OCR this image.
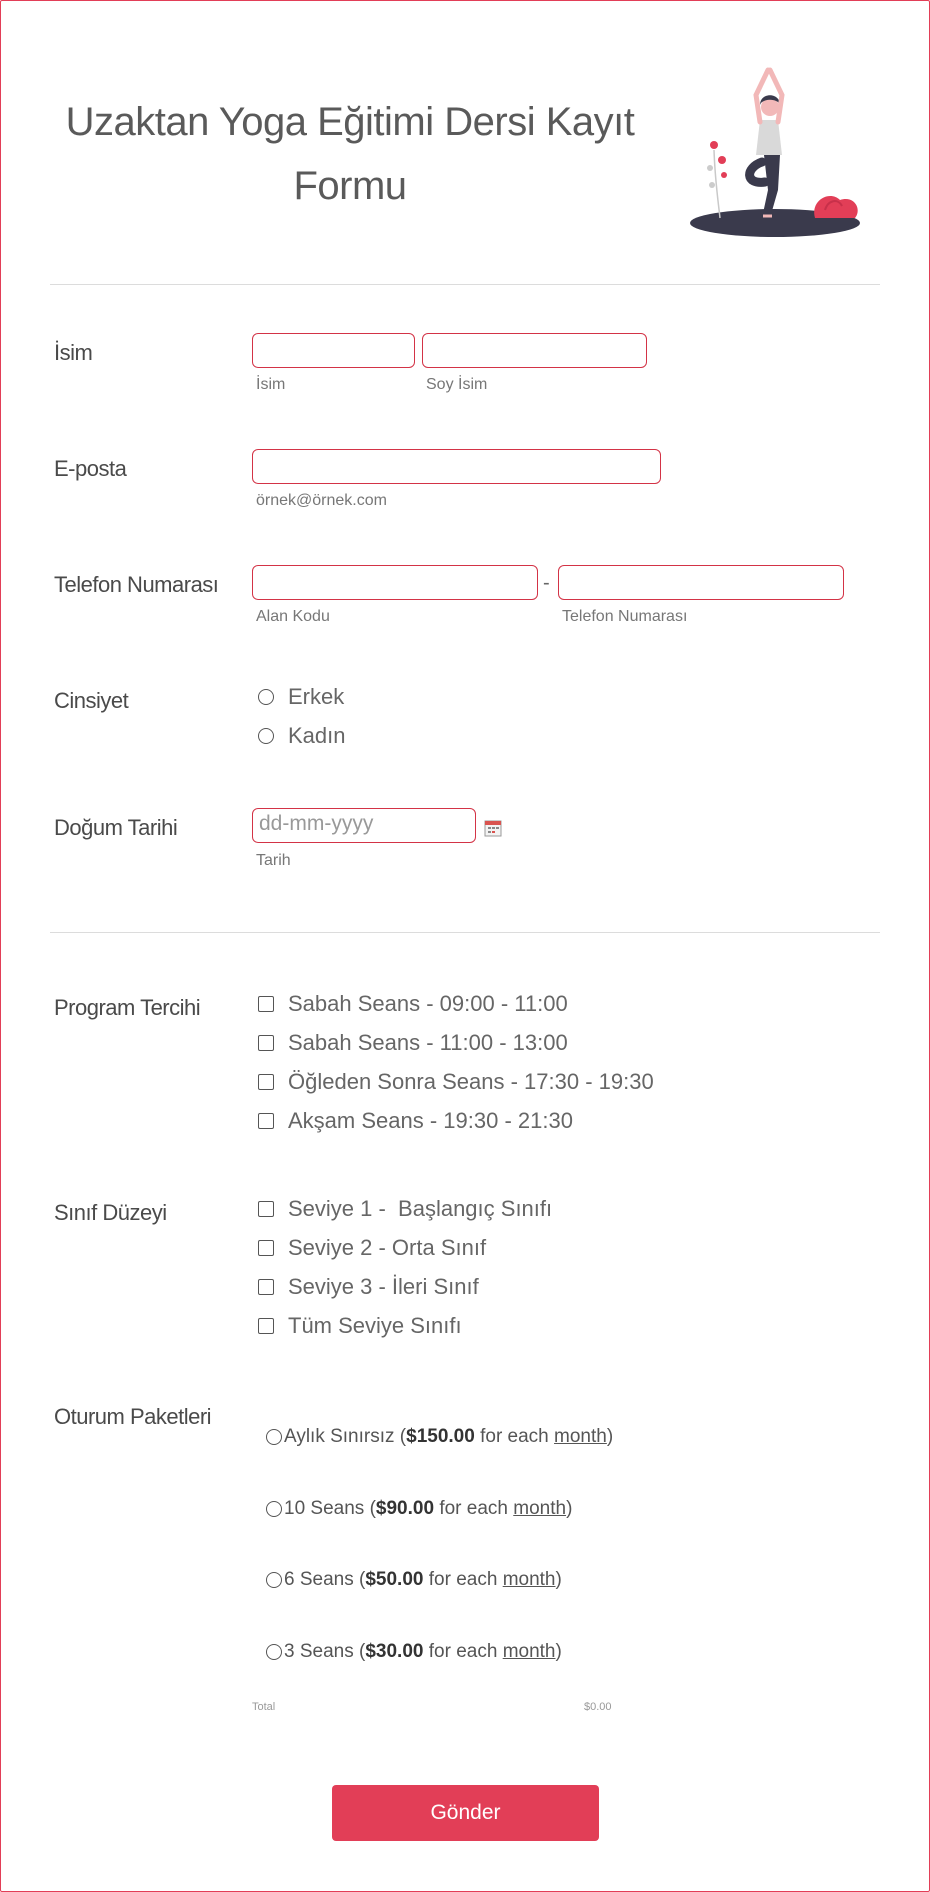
Uzaktan Yoga Eğitimi Dersi Kayıt Formu
İsim
İsim	Soy İsim
E-posta
örnek@örnek.com
Telefon Numarası	-
Alan Kodu	Telefon Numarası
Cinsiyet	Erkek
Kadın
Doğum Tarihi	dd-mm-yyyy
Tarih
Program Tercihi	Sabah Seans - 09:00 - 11:00
Sabah Seans - 11:00 - 13:00
Öğleden Sonra Seans - 17:30 - 19:30
Akşam Seans - 19:30 - 21:30
Sınıf Düzeyi	Seviye 1 -  Başlangıç Sınıfı
Seviye 2 - Orta Sınıf
Seviye 3 - İleri Sınıf
Tüm Seviye Sınıfı
Oturum Paketleri
Aylık Sınırsız ($150.00 for each month)
10 Seans ($90.00 for each month)
6 Seans ($50.00 for each month)
3 Seans ($30.00 for each month)
Total	$0.00
Gönder
